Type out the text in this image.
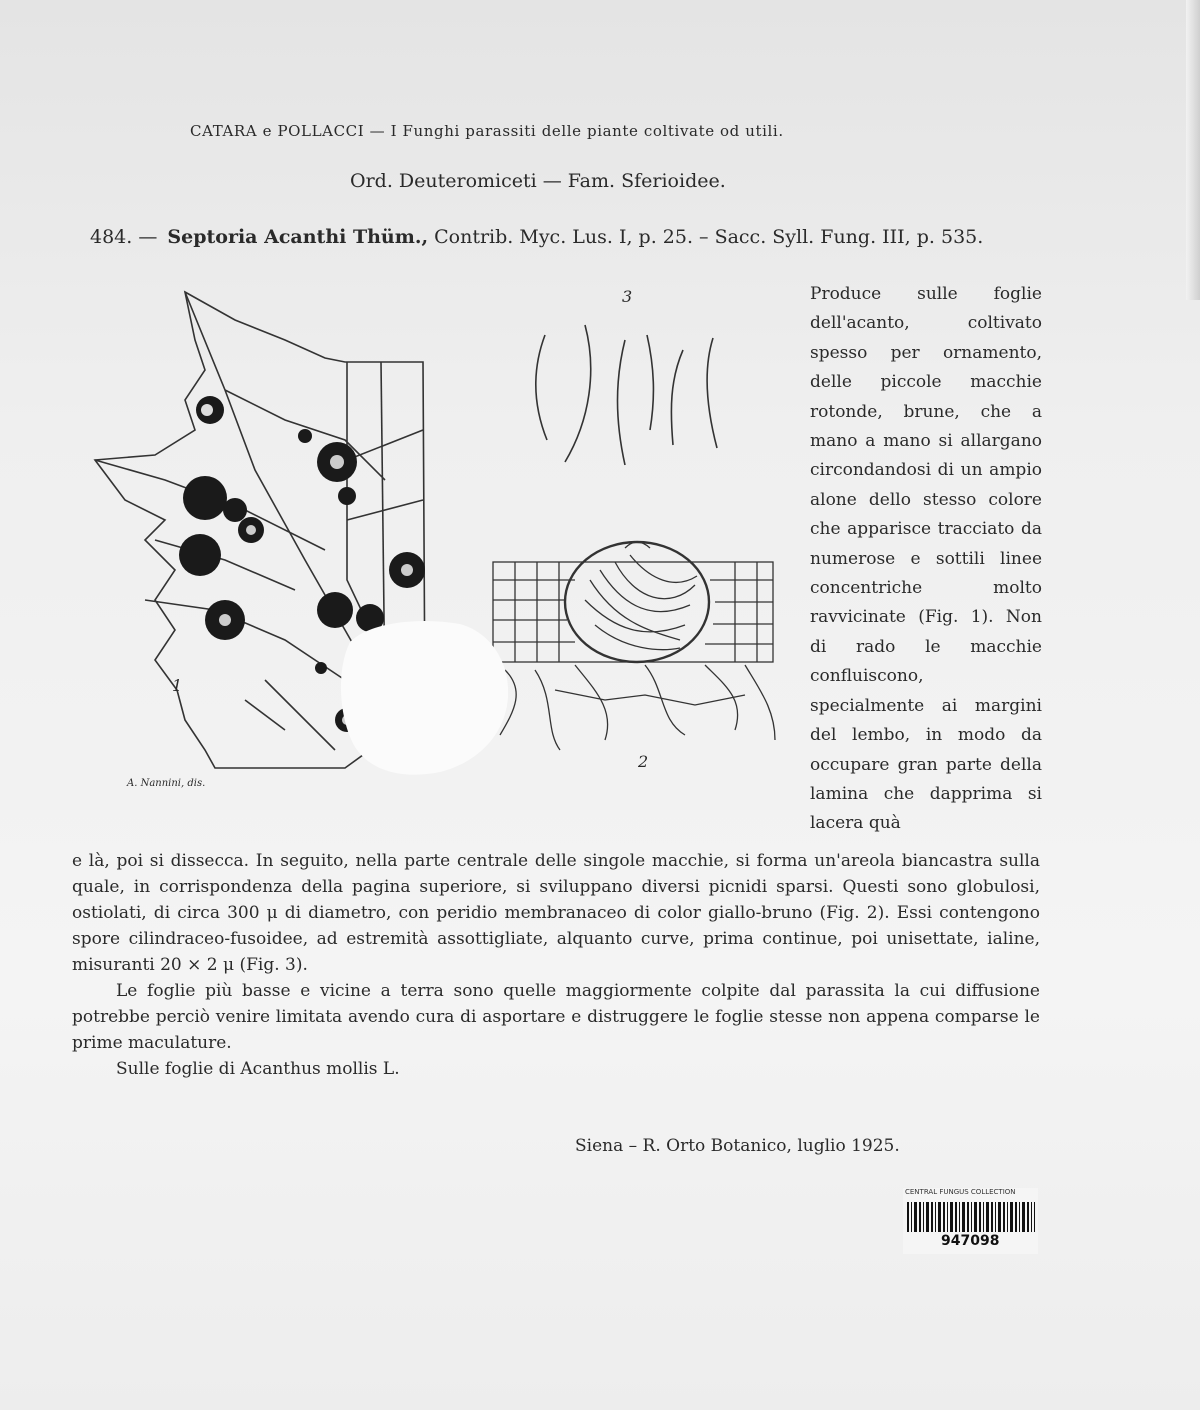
CATARA e POLLACCI — I Funghi parassiti delle piante coltivate od utili.
Ord. Deuteromiceti — Fam. Sferioidee.
484. — Septoria Acanthi Thüm., Contrib. Myc. Lus. I, p. 25. – Sacc. Syll. Fung. III, p. 535.
1
2
3
A. Nannini, dis.
Produce sulle foglie dell'acanto, coltivato spesso per ornamento, delle piccole macchie rotonde, brune, che a mano a mano si allargano circondandosi di un ampio alone dello stesso colore che apparisce tracciato da numerose e sottili linee concentriche molto ravvicinate (Fig. 1). Non di rado le macchie confluiscono, specialmente ai margini del lembo, in modo da occupare gran parte della lamina che dapprima si lacera quà

e là, poi si dissecca. In seguito, nella parte centrale delle singole macchie, si forma un'areola biancastra sulla quale, in corrispondenza della pagina superiore, si sviluppano diversi picnidi sparsi. Questi sono globulosi, ostiolati, di circa 300 μ di diametro, con peridio membranaceo di color giallo-bruno (Fig. 2). Essi contengono spore cilindraceo-fusoidee, ad estremità assottigliate, alquanto curve, prima continue, poi unisettate, ialine, misuranti 20 × 2 μ (Fig. 3).

Le foglie più basse e vicine a terra sono quelle maggiormente colpite dal parassita la cui diffusione potrebbe perciò venire limitata avendo cura di asportare e distruggere le foglie stesse non appena comparse le prime maculature.

Sulle foglie di Acanthus mollis L.

Siena – R. Orto Botanico, luglio 1925.
CENTRAL FUNGUS COLLECTION
947098
